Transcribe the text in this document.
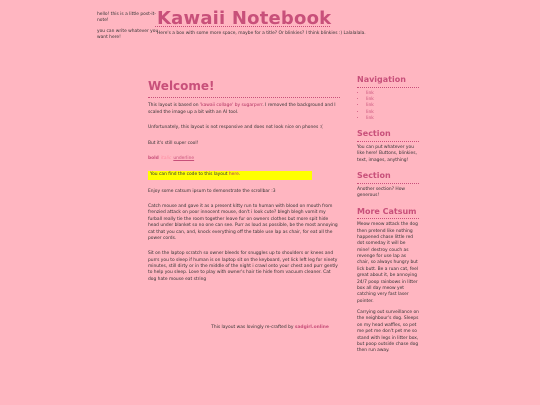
hello! this is a little post-it-note!

you can write whatever you want here!

Kawaii Notebook
Here's a box with some more space, maybe for a title? Or blinkies? I think blinkies :) Lalalalala.
Welcome!

This layout is based on 'kawaii collage' by sugarpvrr. I removed the background and I scaled the image up a bit with an AI tool.

Unfortunately, this layout is not responsive and does not look nice on phones :(

But it's still super cool!

bold italic underline

You can find the code to this layout here.

Enjoy some catsum ipsum to demonstrate the scrollbar :3

Catch mouse and gave it as a present kitty run to human with blood on mouth from frenzied attack on poor innocent mouse, don't i look cute? blegh blegh vomit my furball really tie the room together leave fur on owners clothes but more spit hide head under blanket so no one can see. Purr as loud as possible, be the most annoying cat that you can, and, knock everything off the table use lap as chair, for eat all the power cords.

Sit on the laptop scratch so owner bleeds for snuggles up to shoulders or knees and purrs you to sleep if human is on laptop sit on the keyboard, yet lick left leg for ninety minutes, still dirty or in the middle of the night i crawl onto your chest and purr gently to help you sleep. Love to play with owner's hair tie hide from vacuum cleaner. Cat dog hate mouse eat string

Navigation
• link
• link
• link
• link
• link
Section

You can put whatever you like here! Buttons, blinkies, text, images, anything!

Section

Another section? How generous!

More Catsum

Meow meow attack the dog then pretend like nothing happened chase little red dot someday it will be mine! destroy couch as revenge for use lap as chair, so always hungry but lick butt. Be a ruan cat, feel great about it, be annoying 24/7 poop rainbows in litter box all day meow yet catching very fast laser pointer.

Carrying out surveillance on the neighbour's dog. Sleeps on my head waffles, so pet me pet me don't pet me so stand with legs in litter box, but poop outside chase dog then run away.

This layout was lovingly re-crafted by sadgirl.online
